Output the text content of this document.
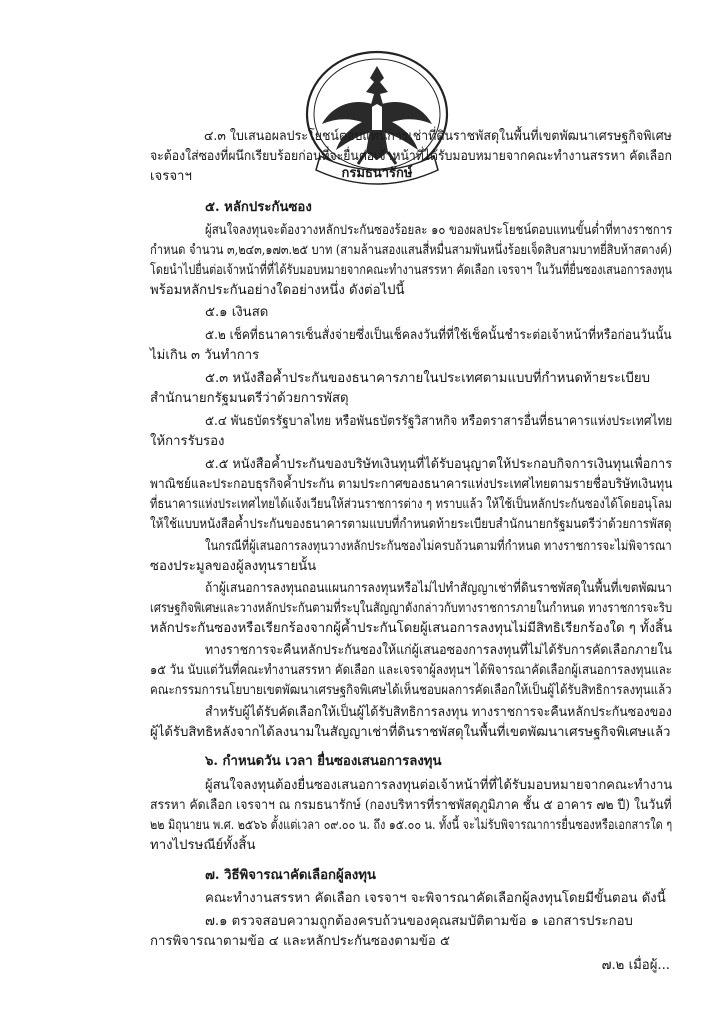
กรมธนารักษ์
๔.๓ ใบเสนอผลประโยชน์ตอบแทนการเช่าที่ดินราชพัสดุในพื้นที่เขตพัฒนาเศรษฐกิจพิเศษ
จะต้องใส่ซองที่ผนึกเรียบร้อยก่อนที่จะยื่นต่อเจ้าหน้าที่ได้รับมอบหมายจากคณะทำงานสรรหา คัดเลือก
เจรจาฯ
๕. หลักประกันซอง
ผู้สนใจลงทุนจะต้องวางหลักประกันซองร้อยละ ๑๐ ของผลประโยชน์ตอบแทนขั้นต่ำที่ทางราชการ
กำหนด จำนวน ๓,๒๔๓,๑๗๓.๒๕ บาท (สามล้านสองแสนสี่หมื่นสามพันหนึ่งร้อยเจ็ดสิบสามบาทยี่สิบห้าสตางค์)
โดยนำไปยื่นต่อเจ้าหน้าที่ที่ได้รับมอบหมายจากคณะทำงานสรรหา คัดเลือก เจรจาฯ ในวันที่ยื่นซองเสนอการลงทุน
พร้อมหลักประกันอย่างใดอย่างหนึ่ง ดังต่อไปนี้
๕.๑ เงินสด
๕.๒ เช็คที่ธนาคารเซ็นสั่งจ่ายซึ่งเป็นเช็คลงวันที่ที่ใช้เช็คนั้นชำระต่อเจ้าหน้าที่หรือก่อนวันนั้น
ไม่เกิน ๓ วันทำการ
๕.๓ หนังสือค้ำประกันของธนาคารภายในประเทศตามแบบที่กำหนดท้ายระเบียบ
สำนักนายกรัฐมนตรีว่าด้วยการพัสดุ
๕.๔ พันธบัตรรัฐบาลไทย หรือพันธบัตรรัฐวิสาหกิจ หรือตราสารอื่นที่ธนาคารแห่งประเทศไทย
ให้การรับรอง
๕.๕ หนังสือค้ำประกันของบริษัทเงินทุนที่ได้รับอนุญาตให้ประกอบกิจการเงินทุนเพื่อการ
พาณิชย์และประกอบธุรกิจค้ำประกัน ตามประกาศของธนาคารแห่งประเทศไทยตามรายชื่อบริษัทเงินทุน
ที่ธนาคารแห่งประเทศไทยได้แจ้งเวียนให้ส่วนราชการต่าง ๆ ทราบแล้ว ให้ใช้เป็นหลักประกันซองได้โดยอนุโลม
ให้ใช้แบบหนังสือค้ำประกันของธนาคารตามแบบที่กำหนดท้ายระเบียบสำนักนายกรัฐมนตรีว่าด้วยการพัสดุ
ในกรณีที่ผู้เสนอการลงทุนวางหลักประกันซองไม่ครบถ้วนตามที่กำหนด ทางราชการจะไม่พิจารณา
ซองประมูลของผู้ลงทุนรายนั้น
ถ้าผู้เสนอการลงทุนถอนแผนการลงทุนหรือไม่ไปทำสัญญาเช่าที่ดินราชพัสดุในพื้นที่เขตพัฒนา
เศรษฐกิจพิเศษและวางหลักประกันตามที่ระบุในสัญญาดังกล่าวกับทางราชการภายในกำหนด ทางราชการจะริบ
หลักประกันซองหรือเรียกร้องจากผู้ค้ำประกันโดยผู้เสนอการลงทุนไม่มีสิทธิเรียกร้องใด ๆ ทั้งสิ้น
ทางราชการจะคืนหลักประกันซองให้แก่ผู้เสนอซองการลงทุนที่ไม่ได้รับการคัดเลือกภายใน
๑๕ วัน นับแต่วันที่คณะทำงานสรรหา คัดเลือก และเจรจาผู้ลงทุนฯ ได้พิจารณาคัดเลือกผู้เสนอการลงทุนและ
คณะกรรมการนโยบายเขตพัฒนาเศรษฐกิจพิเศษได้เห็นชอบผลการคัดเลือกให้เป็นผู้ได้รับสิทธิการลงทุนแล้ว
สำหรับผู้ได้รับคัดเลือกให้เป็นผู้ได้รับสิทธิการลงทุน ทางราชการจะคืนหลักประกันซองของ
ผู้ได้รับสิทธิหลังจากได้ลงนามในสัญญาเช่าที่ดินราชพัสดุในพื้นที่เขตพัฒนาเศรษฐกิจพิเศษแล้ว
๖. กำหนดวัน เวลา ยื่นซองเสนอการลงทุน
ผู้สนใจลงทุนต้องยื่นซองเสนอการลงทุนต่อเจ้าหน้าที่ที่ได้รับมอบหมายจากคณะทำงาน
สรรหา คัดเลือก เจรจาฯ ณ กรมธนารักษ์ (กองบริหารที่ราชพัสดุภูมิภาค ชั้น ๕ อาคาร ๗๒ ปี) ในวันที่
๒๒ มิถุนายน พ.ศ. ๒๕๖๖ ตั้งแต่เวลา ๐๙.๐๐ น. ถึง ๑๕.๐๐ น. ทั้งนี้ จะไม่รับพิจารณาการยื่นซองหรือเอกสารใด ๆ
ทางไปรษณีย์ทั้งสิ้น
๗. วิธีพิจารณาคัดเลือกผู้ลงทุน
คณะทำงานสรรหา คัดเลือก เจรจาฯ จะพิจารณาคัดเลือกผู้ลงทุนโดยมีขั้นตอน ดังนี้
๗.๑ ตรวจสอบความถูกต้องครบถ้วนของคุณสมบัติตามข้อ ๑ เอกสารประกอบ
การพิจารณาตามข้อ ๔ และหลักประกันซองตามข้อ ๕
๗.๒ เมื่อผู้...
